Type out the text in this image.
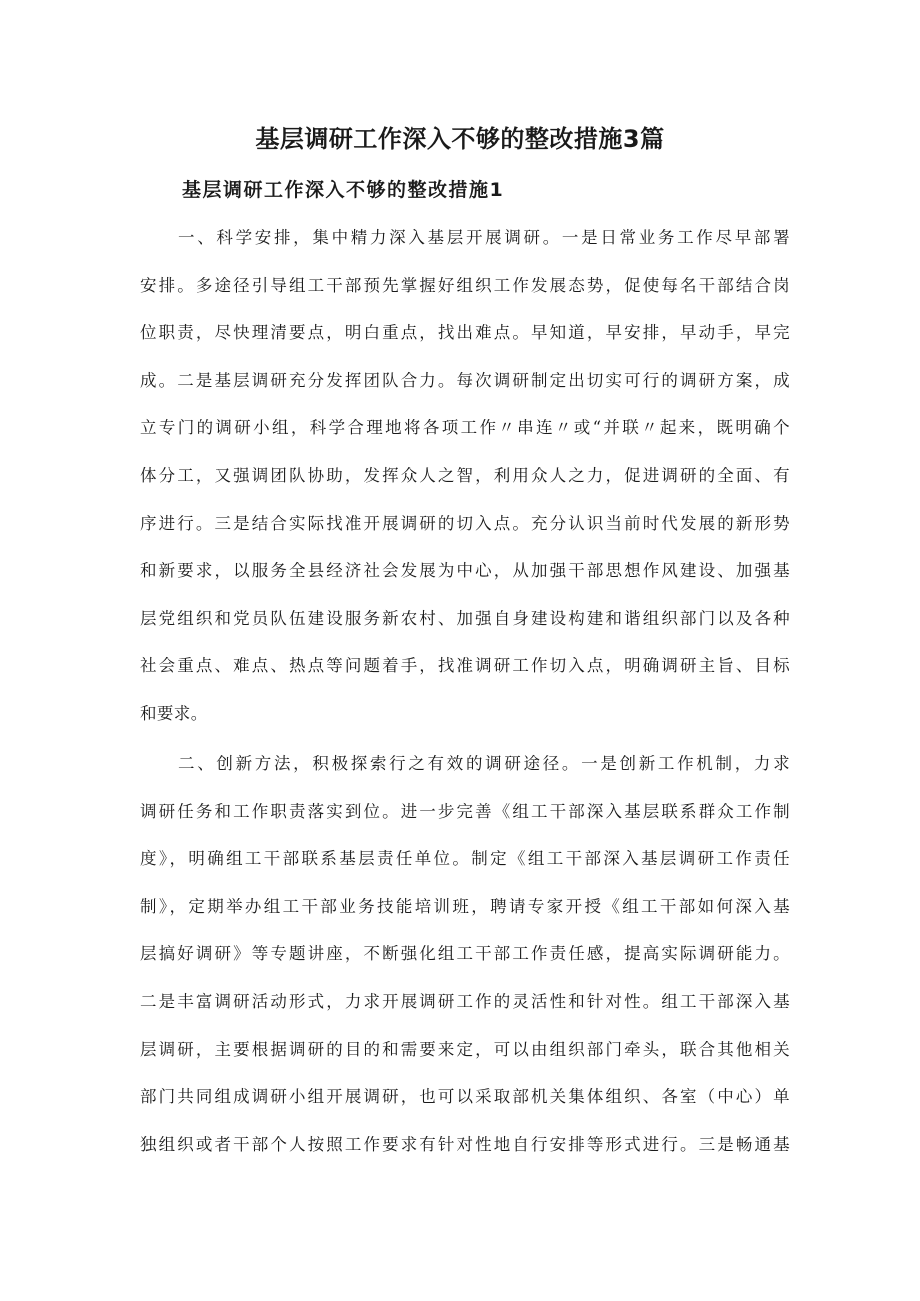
基层调研工作深入不够的整改措施3篇
基层调研工作深入不够的整改措施1
一、科学安排，集中精力深入基层开展调研。一是日常业务工作尽早部署
安排。多途径引导组工干部预先掌握好组织工作发展态势，促使每名干部结合岗
位职责，尽快理清要点，明白重点，找出难点。早知道，早安排，早动手，早完
成。二是基层调研充分发挥团队合力。每次调研制定出切实可行的调研方案，成
立专门的调研小组，科学合理地将各项工作〃串连〃或“并联〃起来，既明确个
体分工，又强调团队协助，发挥众人之智，利用众人之力，促进调研的全面、有
序进行。三是结合实际找准开展调研的切入点。充分认识当前时代发展的新形势
和新要求，以服务全县经济社会发展为中心，从加强干部思想作风建设、加强基
层党组织和党员队伍建设服务新农村、加强自身建设构建和谐组织部门以及各种
社会重点、难点、热点等问题着手，找准调研工作切入点，明确调研主旨、目标
和要求。
二、创新方法，积极探索行之有效的调研途径。一是创新工作机制，力求
调研任务和工作职责落实到位。进一步完善《组工干部深入基层联系群众工作制
度》，明确组工干部联系基层责任单位。制定《组工干部深入基层调研工作责任
制》，定期举办组工干部业务技能培训班，聘请专家开授《组工干部如何深入基
层搞好调研》等专题讲座，不断强化组工干部工作责任感，提高实际调研能力。
二是丰富调研活动形式，力求开展调研工作的灵活性和针对性。组工干部深入基
层调研，主要根据调研的目的和需要来定，可以由组织部门牵头，联合其他相关
部门共同组成调研小组开展调研，也可以采取部机关集体组织、各室（中心）单
独组织或者干部个人按照工作要求有针对性地自行安排等形式进行。三是畅通基
